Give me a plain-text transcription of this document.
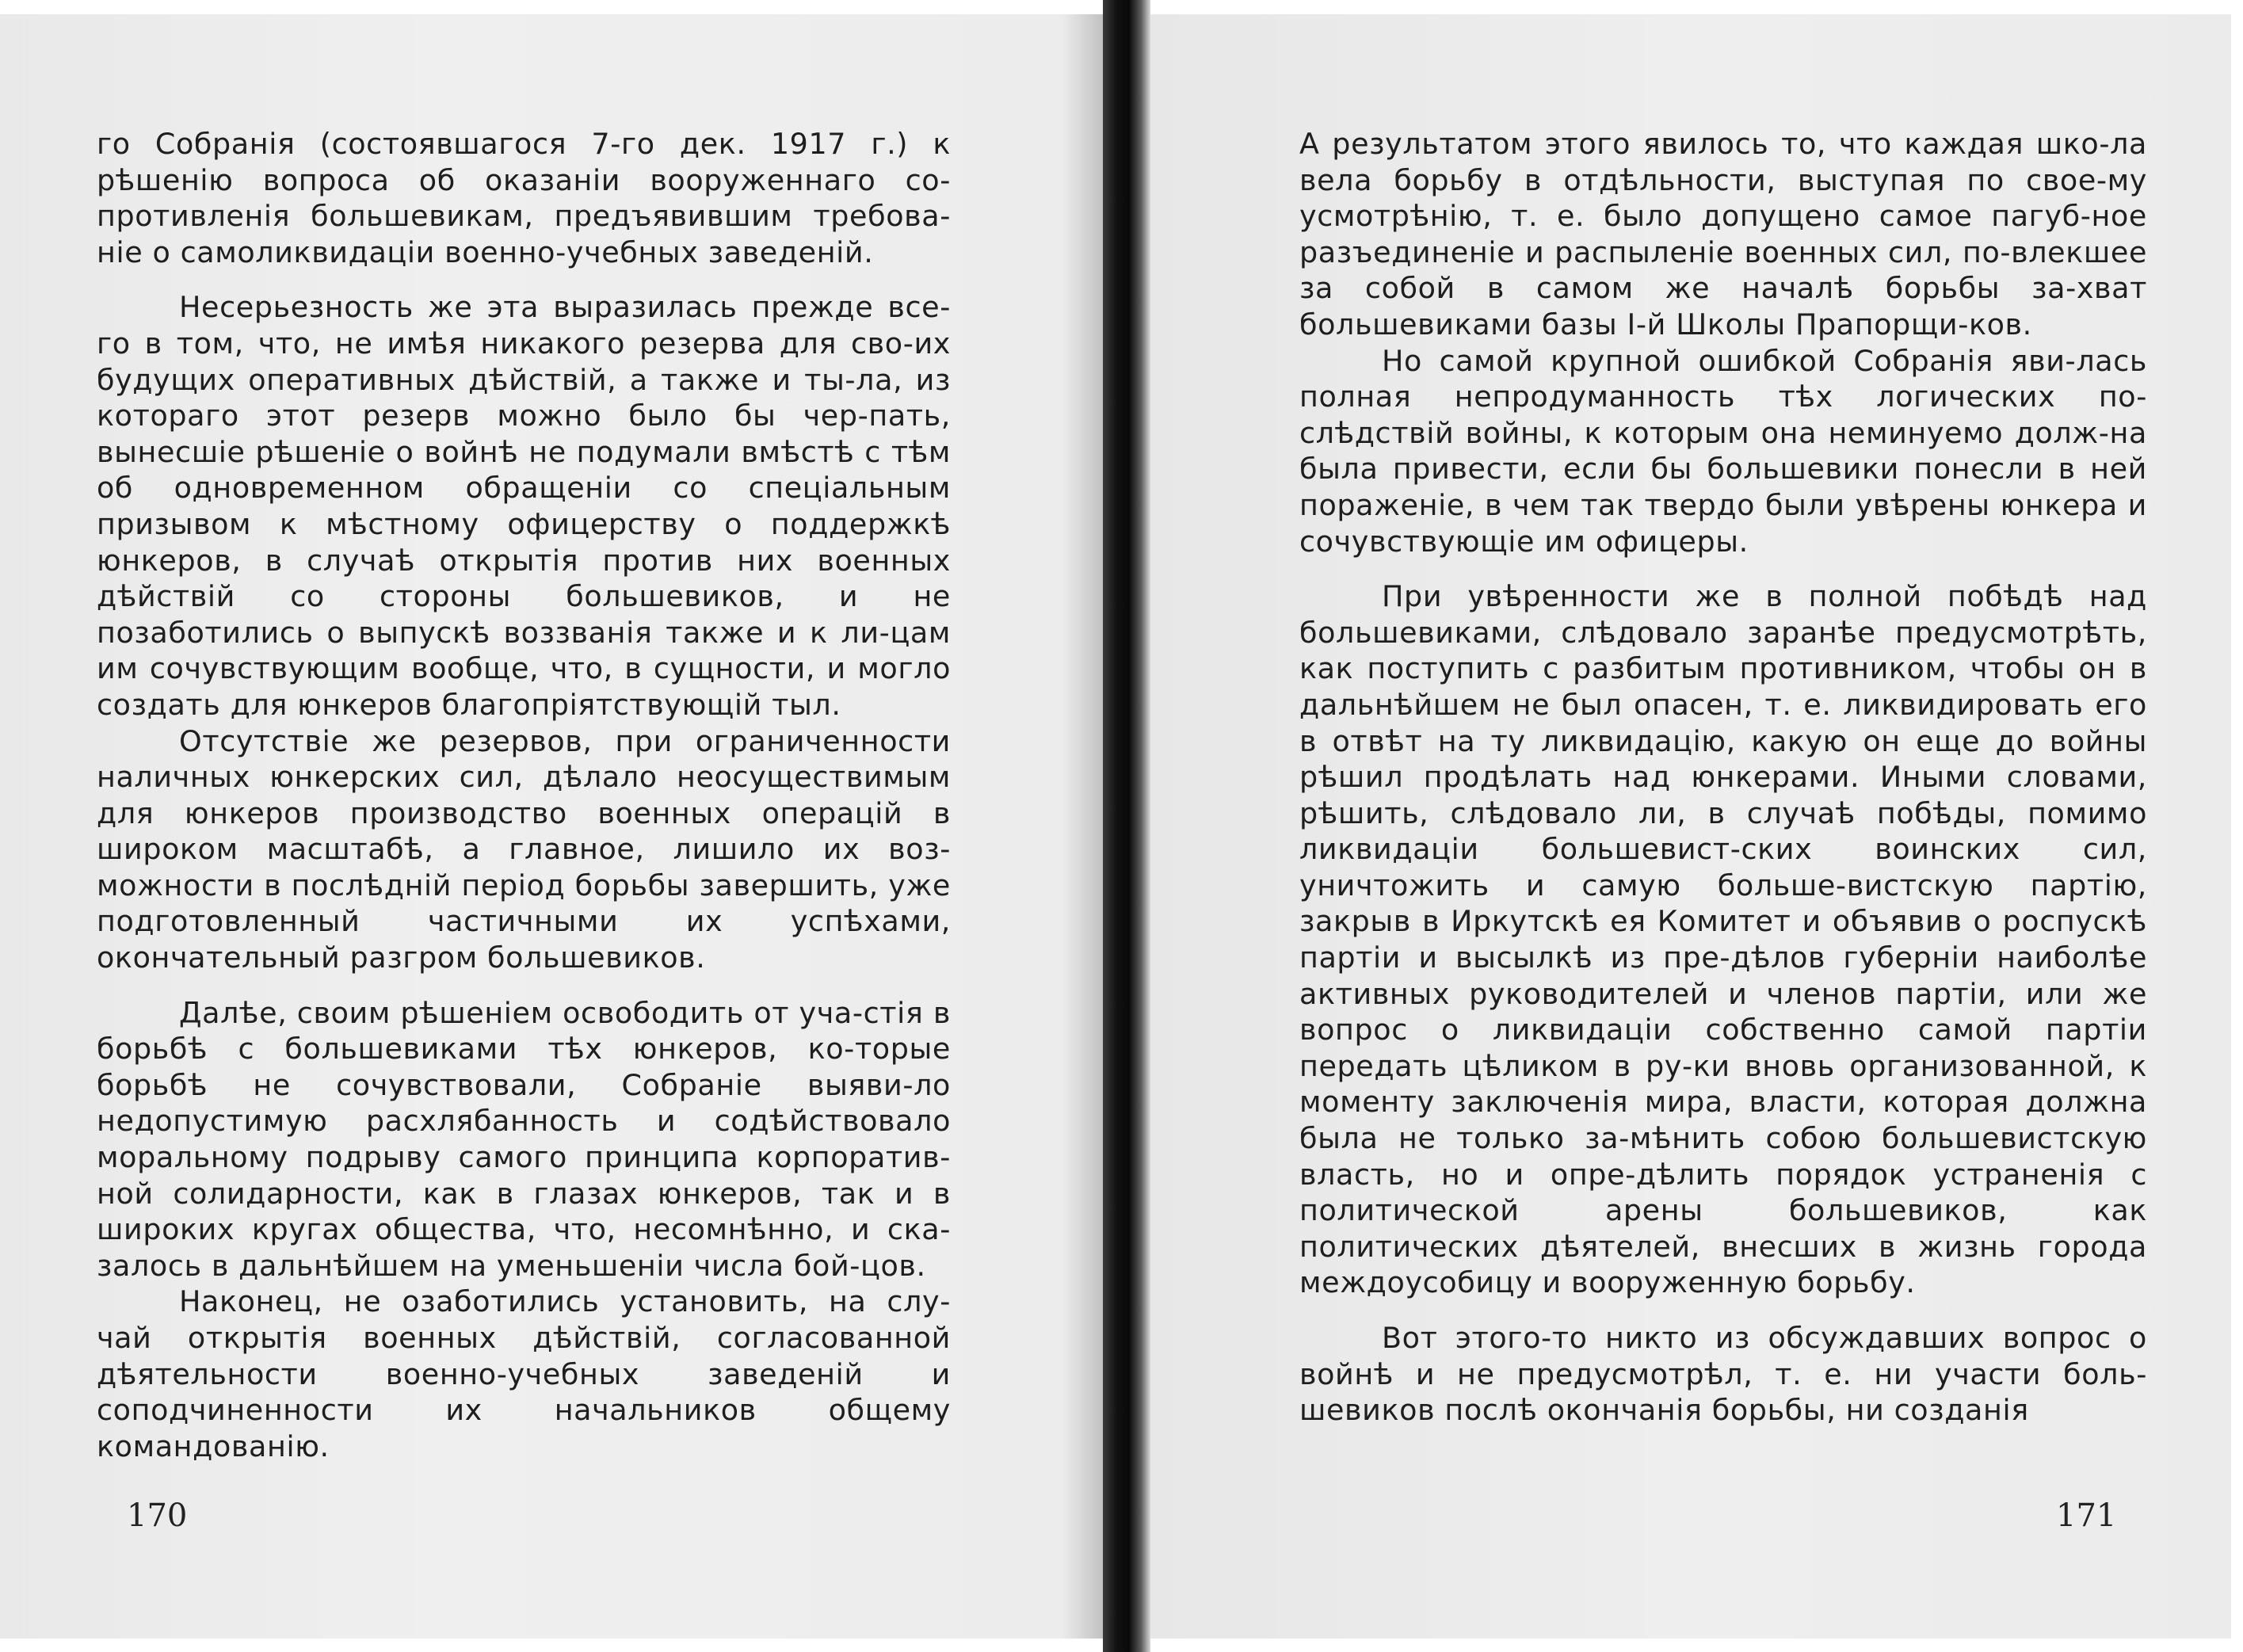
го Собранія (состоявшагося 7-го дек. 1917 г.) к рѣшенію вопроса об оказаніи вооруженнаго со-противленія большевикам, предъявившим требова-ніе о самоликвидаціи военно-учебных заведеній.

Несерьезность же эта выразилась прежде все-го в том, что, не имѣя никакого резерва для сво-их будущих оперативных дѣйствій, а также и ты-ла, из котораго этот резерв можно было бы чер-пать, вынесшіе рѣшеніе о войнѣ не подумали вмѣстѣ с тѣм об одновременном обращеніи со спеціальным призывом к мѣстному офицерству о поддержкѣ юнкеров, в случаѣ открытія против них военных дѣйствій со стороны большевиков, и не позаботились о выпускѣ воззванія также и к ли-цам им сочувствующим вообще, что, в сущности, и могло создать для юнкеров благопріятствующій тыл.

Отсутствіе же резервов, при ограниченности наличных юнкерских сил, дѣлало неосуществимым для юнкеров производство военных операцій в широком масштабѣ, а главное, лишило их воз-можности в послѣдній період борьбы завершить, уже подготовленный частичными их успѣхами, окончательный разгром большевиков.

Далѣе, своим рѣшеніем освободить от уча-стія в борьбѣ с большевиками тѣх юнкеров, ко-торые борьбѣ не сочувствовали, Собраніе выяви-ло недопустимую расхлябанность и содѣйствовало моральному подрыву самого принципа корпоратив-ной солидарности, как в глазах юнкеров, так и в широких кругах общества, что, несомнѣнно, и ска-залось в дальнѣйшем на уменьшеніи числа бой-цов.

Наконец, не озаботились установить, на слу-чай открытія военных дѣйствій, согласованной дѣятельности военно-учебных заведеній и соподчиненности их начальников общему командованію.

170

А результатом этого явилось то, что каждая шко-ла вела борьбу в отдѣльности, выступая по свое-му усмотрѣнію, т. е. было допущено самое пагуб-ное разъединеніе и распыленіе военных сил, по-влекшее за собой в самом же началѣ борьбы за-хват большевиками базы I-й Школы Прапорщи-ков.

Но самой крупной ошибкой Собранія яви-лась полная непродуманность тѣх логических по-слѣдствій войны, к которым она неминуемо долж-на была привести, если бы большевики понесли в ней пораженіе, в чем так твердо были увѣрены юнкера и сочувствующіе им офицеры.

При увѣренности же в полной побѣдѣ над большевиками, слѣдовало заранѣе предусмотрѣть, как поступить с разбитым противником, чтобы он в дальнѣйшем не был опасен, т. е. ликвидировать его в отвѣт на ту ликвидацію, какую он еще до войны рѣшил продѣлать над юнкерами. Иными словами, рѣшить, слѣдовало ли, в случаѣ побѣды, помимо ликвидаціи большевист-ских воинских сил, уничтожить и самую больше-вистскую партію, закрыв в Иркутскѣ ея Комитет и объявив о роспускѣ партіи и высылкѣ из пре-дѣлов губерніи наиболѣе активных руководителей и членов партіи, или же вопрос о ликвидаціи собственно самой партіи передать цѣликом в ру-ки вновь организованной, к моменту заключенія мира, власти, которая должна была не только за-мѣнить собою большевистскую власть, но и опре-дѣлить порядок устраненія с политической арены большевиков, как политических дѣятелей, внесших в жизнь города междоусобицу и вооруженную борьбу.

Вот этого-то никто из обсуждавших вопрос о войнѣ и не предусмотрѣл, т. е. ни участи боль-шевиков послѣ окончанія борьбы, ни созданія

171
